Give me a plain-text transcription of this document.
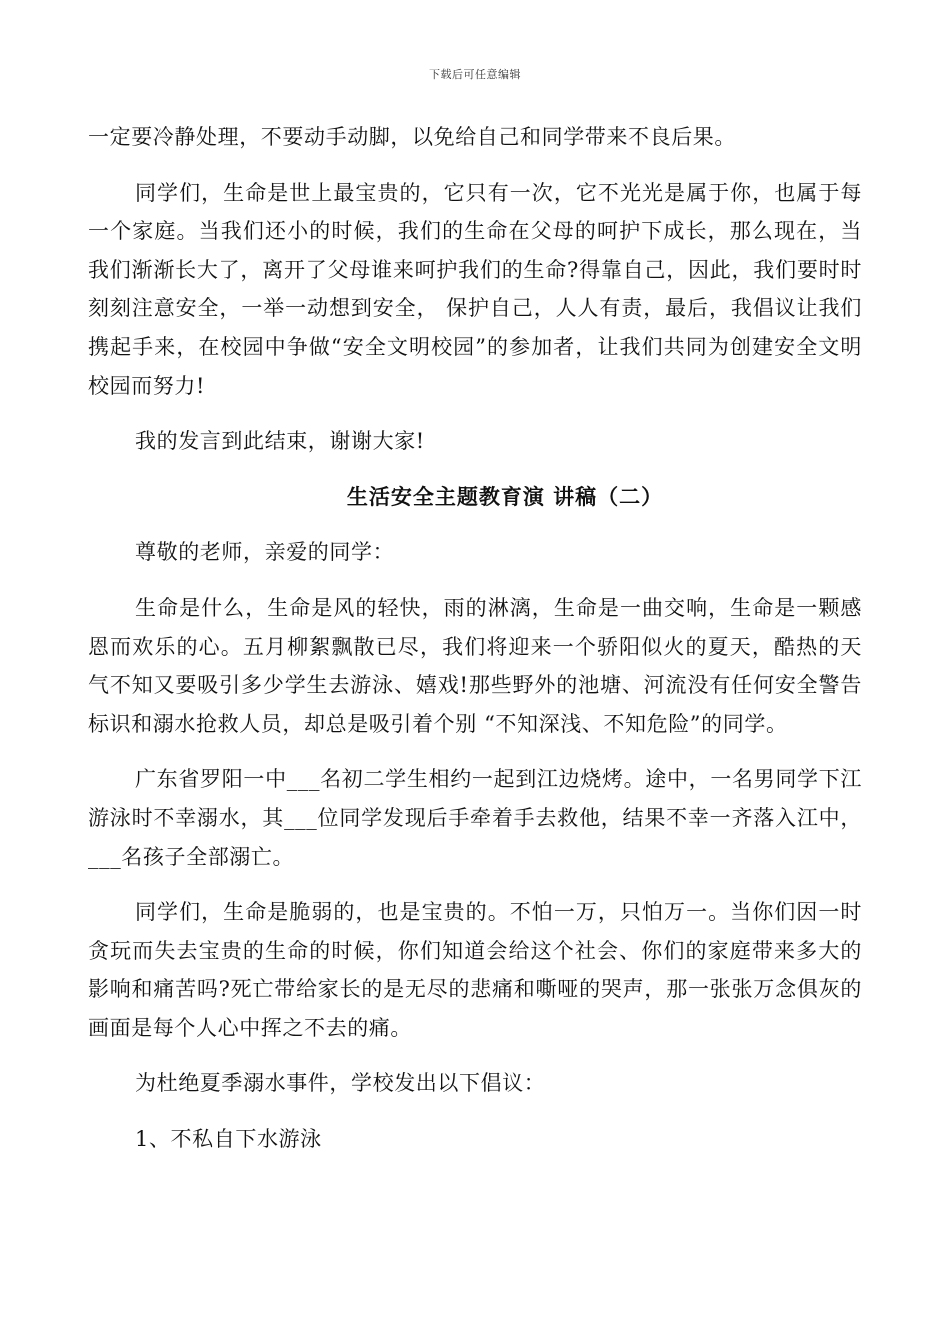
下载后可任意编辑

一定要冷静处理，不要动手动脚，以免给自己和同学带来不良后果。

同学们，生命是世上最宝贵的，它只有一次，它不光光是属于你，也属于每一个家庭。当我们还小的时候，我们的生命在父母的呵护下成长，那么现在，当我们渐渐长大了，离开了父母谁来呵护我们的生命?得靠自己，因此，我们要时时刻刻注意安全，一举一动想到安全， 保护自己，人人有责，最后，我倡议让我们携起手来，在校园中争做“安全文明校园”的参加者，让我们共同为创建安全文明校园而努力!

我的发言到此结束，谢谢大家!

生活安全主题教育演 讲稿（二）

尊敬的老师，亲爱的同学：

生命是什么，生命是风的轻快，雨的淋漓，生命是一曲交响，生命是一颗感恩而欢乐的心。五月柳絮飘散已尽，我们将迎来一个骄阳似火的夏天，酷热的天气不知又要吸引多少学生去游泳、嬉戏!那些野外的池塘、河流没有任何安全警告标识和溺水抢救人员，却总是吸引着个别 “不知深浅、不知危险”的同学。

广东省罗阳一中___名初二学生相约一起到江边烧烤。途中，一名男同学下江游泳时不幸溺水，其___位同学发现后手牵着手去救他，结果不幸一齐落入江中，___名孩子全部溺亡。

同学们，生命是脆弱的，也是宝贵的。不怕一万，只怕万一。当你们因一时贪玩而失去宝贵的生命的时候，你们知道会给这个社会、你们的家庭带来多大的影响和痛苦吗?死亡带给家长的是无尽的悲痛和嘶哑的哭声，那一张张万念俱灰的画面是每个人心中挥之不去的痛。

为杜绝夏季溺水事件，学校发出以下倡议：

1、不私自下水游泳
